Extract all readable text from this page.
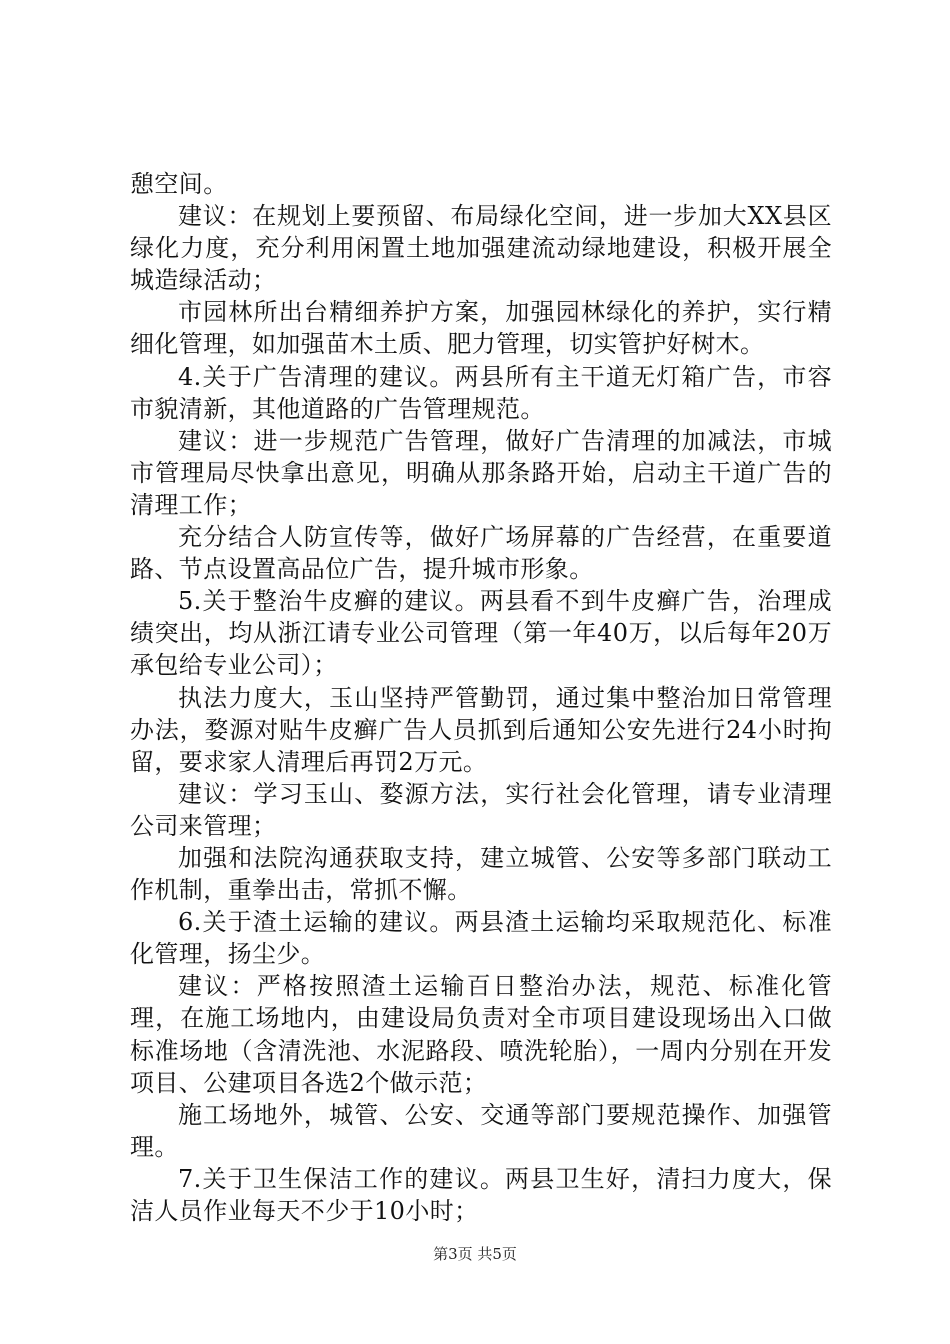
憩空间。

建议：在规划上要预留、布局绿化空间，进一步加大XX县区绿化力度，充分利用闲置土地加强建流动绿地建设，积极开展全城造绿活动；

市园林所出台精细养护方案，加强园林绿化的养护，实行精细化管理，如加强苗木土质、肥力管理，切实管护好树木。

4.关于广告清理的建议。两县所有主干道无灯箱广告，市容市貌清新，其他道路的广告管理规范。

建议：进一步规范广告管理，做好广告清理的加减法，市城市管理局尽快拿出意见，明确从那条路开始，启动主干道广告的清理工作；

充分结合人防宣传等，做好广场屏幕的广告经营，在重要道路、节点设置高品位广告，提升城市形象。

5.关于整治牛皮癣的建议。两县看不到牛皮癣广告，治理成绩突出，均从浙江请专业公司管理（第一年40万，以后每年20万承包给专业公司）；

执法力度大，玉山坚持严管勤罚，通过集中整治加日常管理办法，婺源对贴牛皮癣广告人员抓到后通知公安先进行24小时拘留，要求家人清理后再罚2万元。

建议：学习玉山、婺源方法，实行社会化管理，请专业清理公司来管理；

加强和法院沟通获取支持，建立城管、公安等多部门联动工作机制，重拳出击，常抓不懈。

6.关于渣土运输的建议。两县渣土运输均采取规范化、标准化管理，扬尘少。

建议：严格按照渣土运输百日整治办法，规范、标准化管理，在施工场地内，由建设局负责对全市项目建设现场出入口做标准场地（含清洗池、水泥路段、喷洗轮胎），一周内分别在开发项目、公建项目各选2个做示范；

施工场地外，城管、公安、交通等部门要规范操作、加强管理。

7.关于卫生保洁工作的建议。两县卫生好，清扫力度大，保洁人员作业每天不少于10小时；

第3页 共5页
